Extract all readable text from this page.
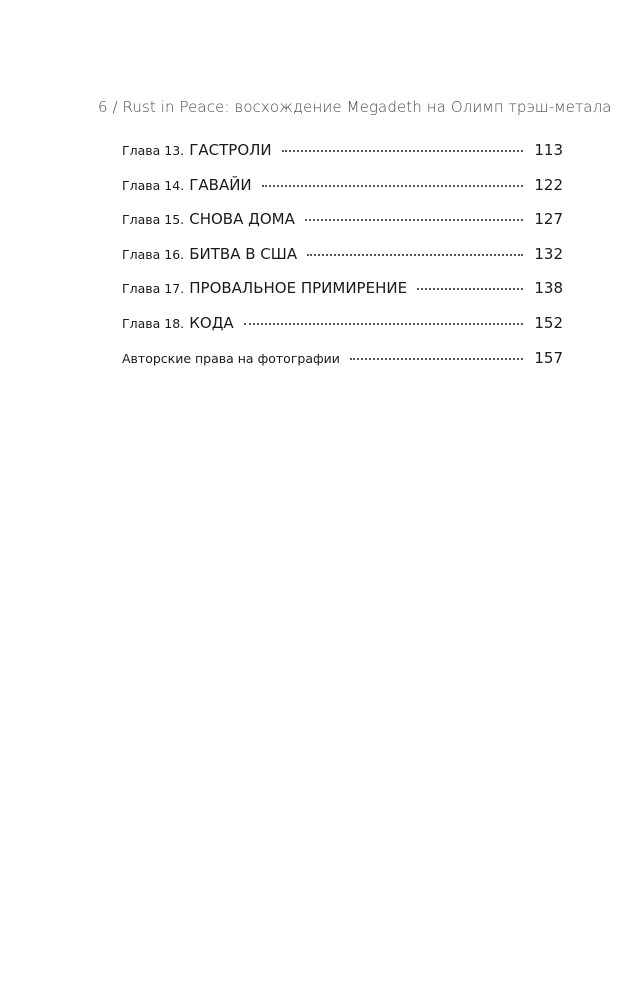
6 / Rust in Peace: восхождение Megadeth на Олимп трэш-метала
Глава 13. ГАСТРОЛИ	113
Глава 14. ГАВАЙИ	122
Глава 15. СНОВА ДОМА	127
Глава 16. БИТВА В США	132
Глава 17. ПРОВАЛЬНОЕ ПРИМИРЕНИЕ	138
Глава 18. КОДА	152
Авторские права на фотографии	157
